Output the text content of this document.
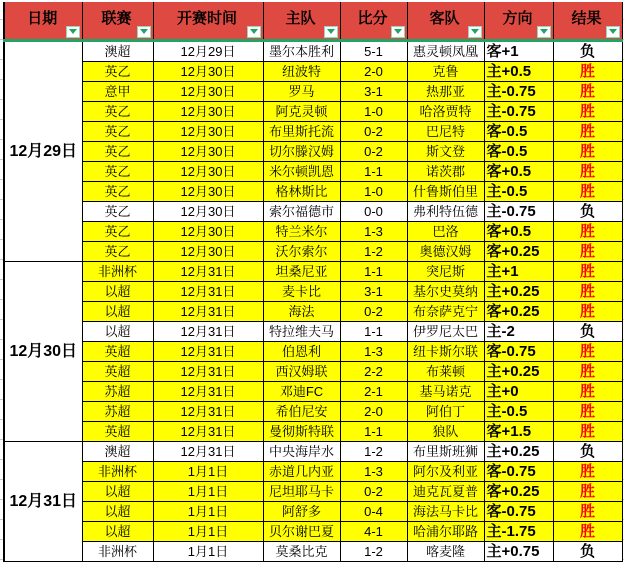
日期	联赛	开赛时间	主队	比分	客队	方向	结果

12月29日	澳超	12月29日	墨尔本胜利	5-1	惠灵顿凤凰	客+1	负
	英乙	12月30日	纽波特	2-0	克鲁	主+0.5	胜
	意甲	12月30日	罗马	3-1	热那亚	主-0.75	胜
	英乙	12月30日	阿克灵顿	1-0	哈洛贾特	主-0.75	胜
	英乙	12月30日	布里斯托流	0-2	巴尼特	客-0.5	胜
	英乙	12月30日	切尔滕汉姆	0-2	斯文登	客-0.5	胜
	英乙	12月30日	米尔顿凯恩	1-1	诺茨郡	客+0.5	胜
	英乙	12月30日	格林斯比	1-0	什鲁斯伯里	主-0.5	胜
	英乙	12月30日	索尔福德市	0-0	弗利特伍德	主-0.75	负
	英乙	12月30日	特兰米尔	1-3	巴洛	客+0.5	胜
	英乙	12月30日	沃尔索尔	1-2	奥德汉姆	客+0.25	胜
12月30日	非洲杯	12月31日	坦桑尼亚	1-1	突尼斯	主+1	胜
	以超	12月31日	麦卡比	3-1	基尔史莫纳	主+0.25	胜
	以超	12月31日	海法	0-2	布奈萨克宁	客+0.25	胜
	以超	12月31日	特拉维夫马	1-1	伊罗尼太巴	主-2	负
	英超	12月31日	伯恩利	1-3	纽卡斯尔联	客-0.75	胜
	英超	12月31日	西汉姆联	2-2	布莱顿	主+0.25	胜
	苏超	12月31日	邓迪FC	2-1	基马诺克	主+0	胜
	苏超	12月31日	希伯尼安	2-0	阿伯丁	主-0.5	胜
	英超	12月31日	曼彻斯特联	1-1	狼队	客+1.5	胜
12月31日	澳超	12月31日	中央海岸水	1-2	布里斯班狮	主+0.25	负
	非洲杯	1月1日	赤道几内亚	1-3	阿尔及利亚	客-0.75	胜
	以超	1月1日	尼坦耶马卡	0-2	迪克瓦夏普	客+0.25	胜
	以超	1月1日	阿舒多	0-4	海法马卡比	客-0.75	胜
	以超	1月1日	贝尔谢巴夏	4-1	哈浦尔耶路	主-1.75	胜
	非洲杯	1月1日	莫桑比克	1-2	喀麦隆	主+0.75	负
